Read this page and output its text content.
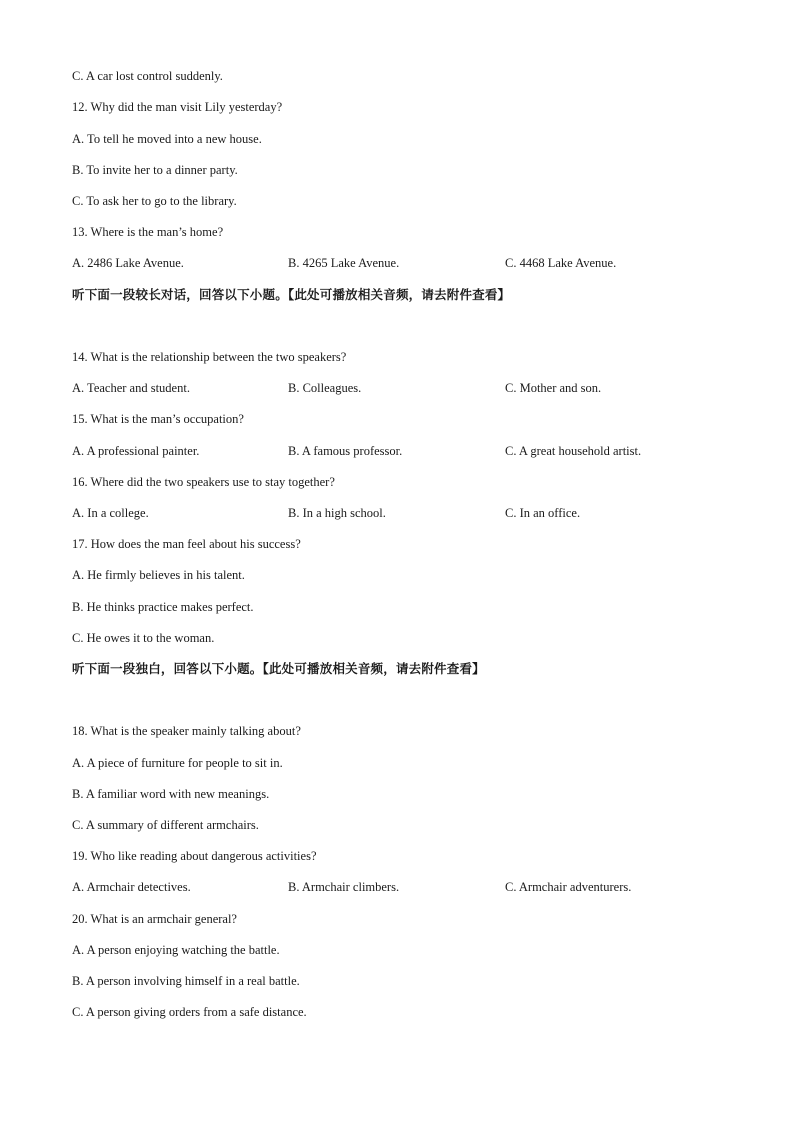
C. A car lost control suddenly.
12. Why did the man visit Lily yesterday?
A. To tell he moved into a new house.
B. To invite her to a dinner party.
C. To ask her to go to the library.
13. Where is the man’s home?
A. 2486 Lake Avenue.	B. 4265 Lake Avenue.	C. 4468 Lake Avenue.
听下面一段较长对话，回答以下小题。【此处可播放相关音频，请去附件查看】
14. What is the relationship between the two speakers?
A. Teacher and student.	B. Colleagues.	C. Mother and son.
15. What is the man’s occupation?
A. A professional painter.	B. A famous professor.	C. A great household artist.
16. Where did the two speakers use to stay together?
A. In a college.	B. In a high school.	C. In an office.
17. How does the man feel about his success?
A. He firmly believes in his talent.
B. He thinks practice makes perfect.
C. He owes it to the woman.
听下面一段独白，回答以下小题。【此处可播放相关音频，请去附件查看】
18. What is the speaker mainly talking about?
A. A piece of furniture for people to sit in.
B. A familiar word with new meanings.
C. A summary of different armchairs.
19. Who like reading about dangerous activities?
A. Armchair detectives.	B. Armchair climbers.	C. Armchair adventurers.
20. What is an armchair general?
A. A person enjoying watching the battle.
B. A person involving himself in a real battle.
C. A person giving orders from a safe distance.
